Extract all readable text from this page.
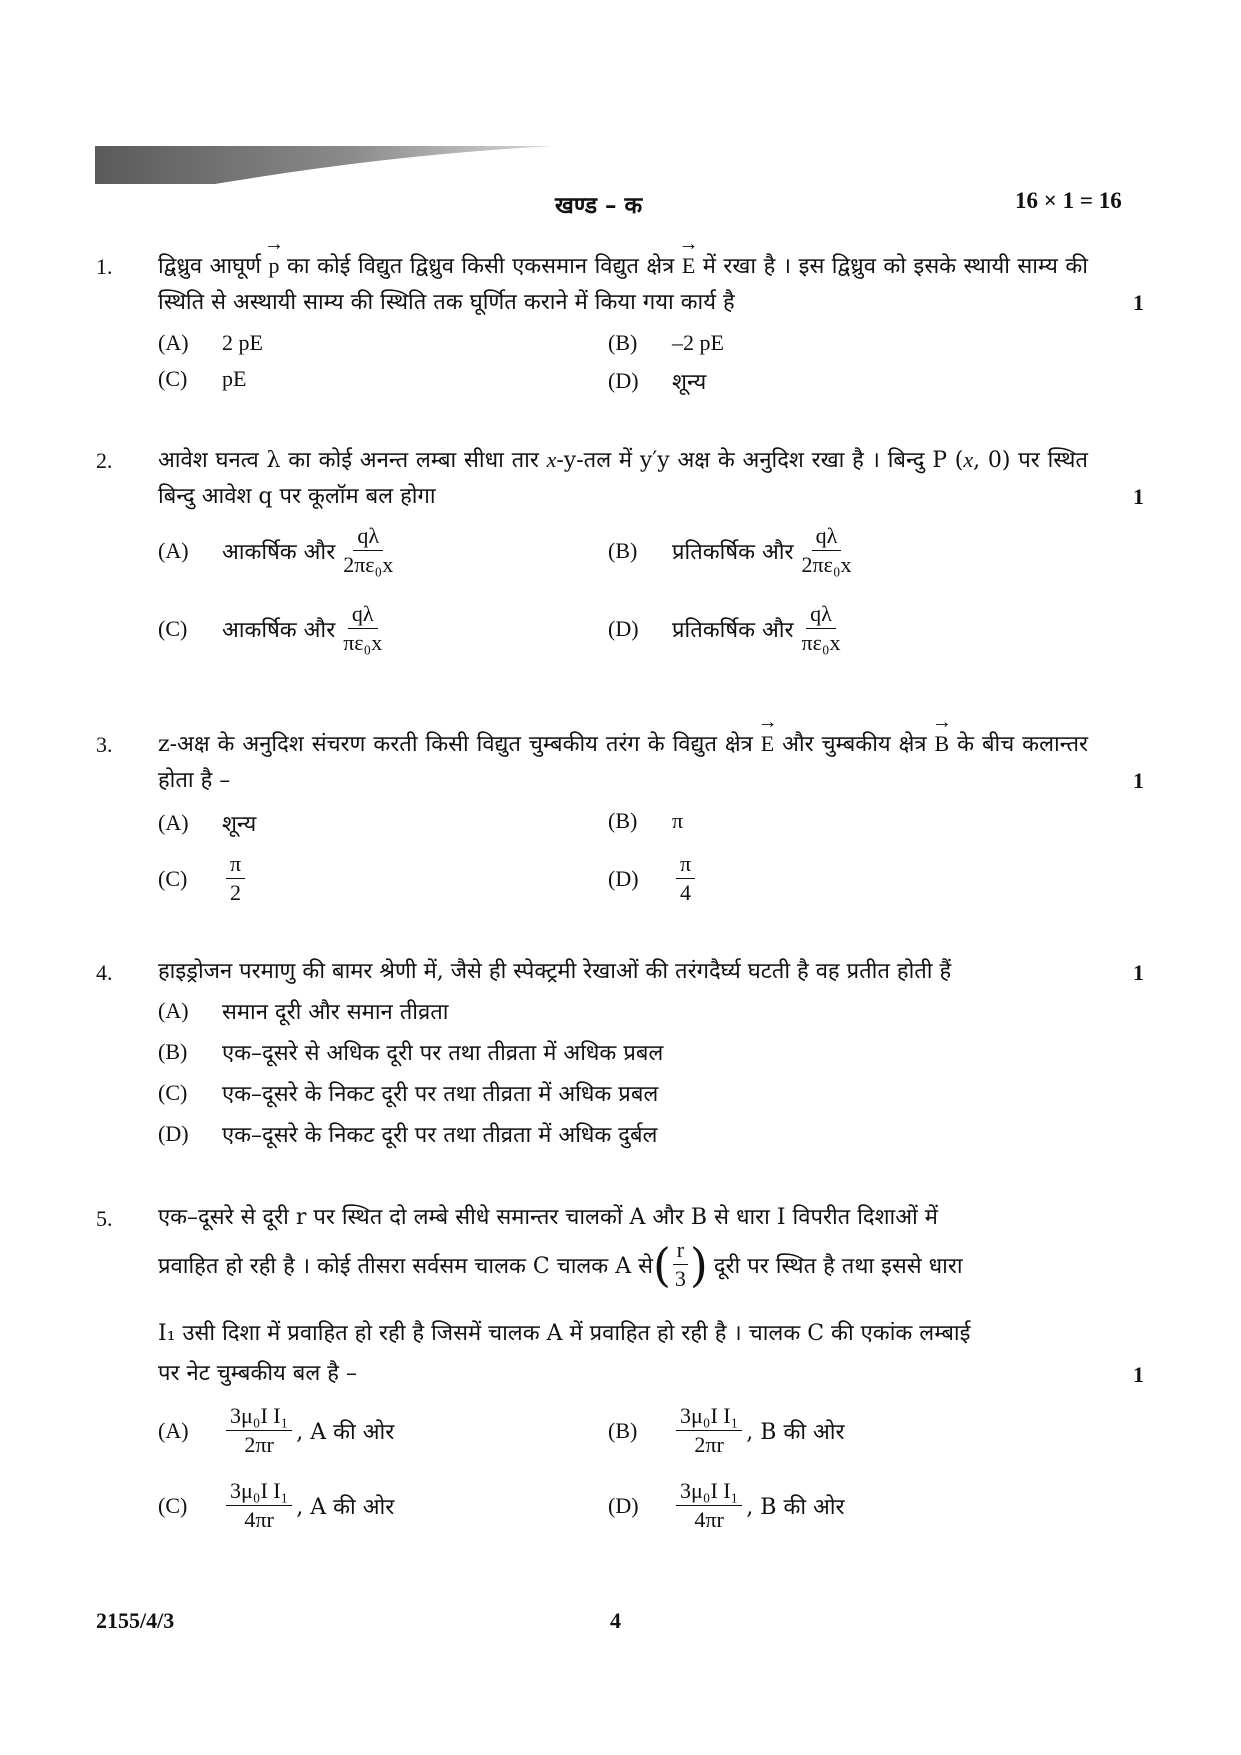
खण्ड – क	16 × 1 = 16
1. द्विध्रुव आघूर्ण → p का कोई विद्युत द्विध्रुव किसी एकसमान विद्युत क्षेत्र → E में रखा है । इस द्विध्रुव को इसके स्थायी साम्य की स्थिति से अस्थायी साम्य की स्थिति तक घूर्णित कराने में किया गया कार्य है	1
(A)	2 pE	(B)	–2 pE
(C)	pE	(D)	शून्य
2. आवेश घनत्व λ का कोई अनन्त लम्बा सीधा तार x-y-तल में y′y अक्ष के अनुदिश रखा है । बिन्दु P (x, 0) पर स्थित बिन्दु आवेश q पर कूलॉम बल होगा	1
(A)	आकर्षिक और $\frac{q\lambda}{\text{2πε₀x}}$	(B)	प्रतिकर्षिक और $\frac{q\lambda}{\text{2πε₀x}}$
(C)	आकर्षिक और $\frac{q\lambda}{\text{πε₀x}}$	(D)	प्रतिकर्षिक और $\frac{q\lambda}{\text{πε₀x}}$
3. z-अक्ष के अनुदिश संचरण करती किसी विद्युत चुम्बकीय तरंग के विद्युत क्षेत्र → E और चुम्बकीय क्षेत्र → B के बीच कलान्तर होता है –	1
(A)	शून्य	(B)	π
(C)	$\frac{\pi}{2}$	(D)	$\frac{\pi}{4}$
4. हाइड्रोजन परमाणु की बामर श्रेणी में, जैसे ही स्पेक्ट्रमी रेखाओं की तरंगदैर्घ्य घटती है वह प्रतीत होती हैं	1
(A)	समान दूरी और समान तीव्रता
(B)	एक–दूसरे से अधिक दूरी पर तथा तीव्रता में अधिक प्रबल
(C)	एक–दूसरे के निकट दूरी पर तथा तीव्रता में अधिक प्रबल
(D)	एक–दूसरे के निकट दूरी पर तथा तीव्रता में अधिक दुर्बल
5. एक–दूसरे से दूरी r पर स्थित दो लम्बे सीधे समान्तर चालकों A और B से धारा I विपरीत दिशाओं में
प्रवाहित हो रही है । कोई तीसरा सर्वसम चालक C चालक A से ( $\frac{r}{3}$ ) दूरी पर स्थित है तथा इससे धारा
I₁ उसी दिशा में प्रवाहित हो रही है जिसमें चालक A में प्रवाहित हो रही है । चालक C की एकांक लम्बाई
पर नेट चुम्बकीय बल है –	1
(A)	$\frac{\text{3μ₀I I₁}}{2\pi r}$ , A की ओर	(B)	$\frac{\text{3μ₀I I₁}}{2\pi r}$ , B की ओर
(C)	$\frac{\text{3μ₀I I₁}}{4\pi r}$ , A की ओर	(D)	$\frac{\text{3μ₀I I₁}}{4\pi r}$ , B की ओर
2155/4/3	4
